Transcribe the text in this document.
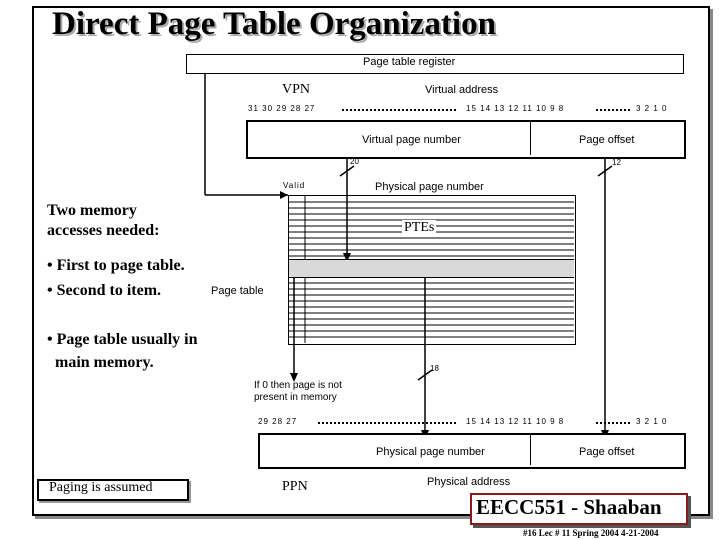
Direct Page Table Organization
Page table register
VPN	Virtual address
31 30 29 28 27	15 14 13 12 11 10 9 8	3 2 1 0
Virtual page number	Page offset
20	12
Valid	Physical page number
PTEs
Page table
18
If 0 then page is not
present in memory
29 28 27	15 14 13 12 11 10 9 8	3 2 1 0
Physical page number	Page offset
Physical address
PPN
Two memory
accesses needed:
• First to page table.
• Second to item.
• Page table usually in
main memory.
Paging is assumed
EECC551 - Shaaban
#16 Lec # 11 Spring 2004 4-21-2004
